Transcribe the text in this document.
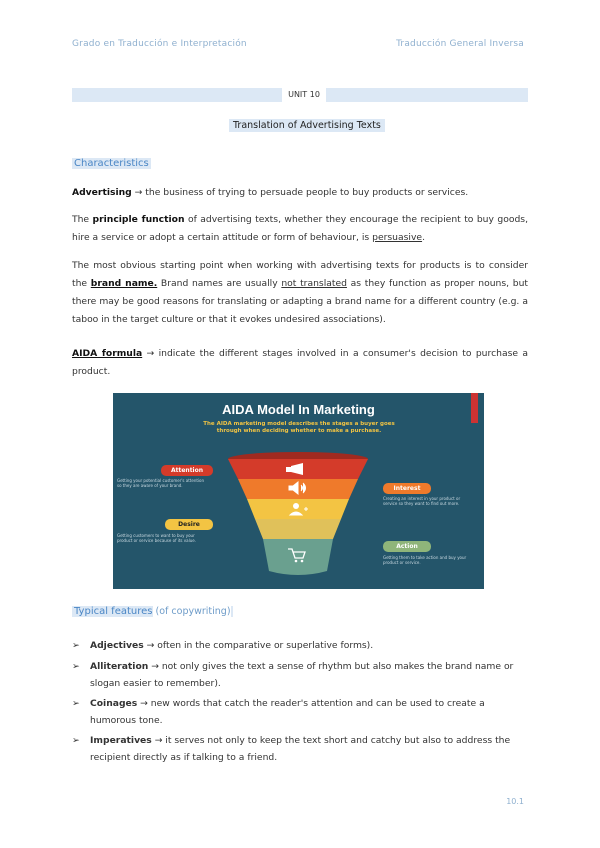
Grado en Traducción e Interpretación	Traducción General Inversa
UNIT 10
Translation of Advertising Texts
Characteristics
Advertising → the business of trying to persuade people to buy products or services.
The principle function of advertising texts, whether they encourage the recipient to buy goods, hire a service or adopt a certain attitude or form of behaviour, is persuasive.
The most obvious starting point when working with advertising texts for products is to consider the brand name. Brand names are usually not translated as they function as proper nouns, but there may be good reasons for translating or adapting a brand name for a different country (e.g. a taboo in the target culture or that it evokes undesired associations).
AIDA formula → indicate the different stages involved in a consumer's decision to purchase a product.
AIDA Model In Marketing
The AIDA marketing model describes the stages a buyer goes through when deciding whether to make a purchase.
Attention
Getting your potential customer's attention so they are aware of your brand.	Interest
Creating an interest in your product or service so they want to find out more.
Desire
Getting customers to want to buy your product or service because of its value.
Action
Getting them to take action and buy your product or service.
Typical features (of copywriting)
➢ Adjectives → often in the comparative or superlative forms).
➢ Alliteration → not only gives the text a sense of rhythm but also makes the brand name or slogan easier to remember).
➢ Coinages → new words that catch the reader's attention and can be used to create a humorous tone.
➢ Imperatives → it serves not only to keep the text short and catchy but also to address the recipient directly as if talking to a friend.
10.1
